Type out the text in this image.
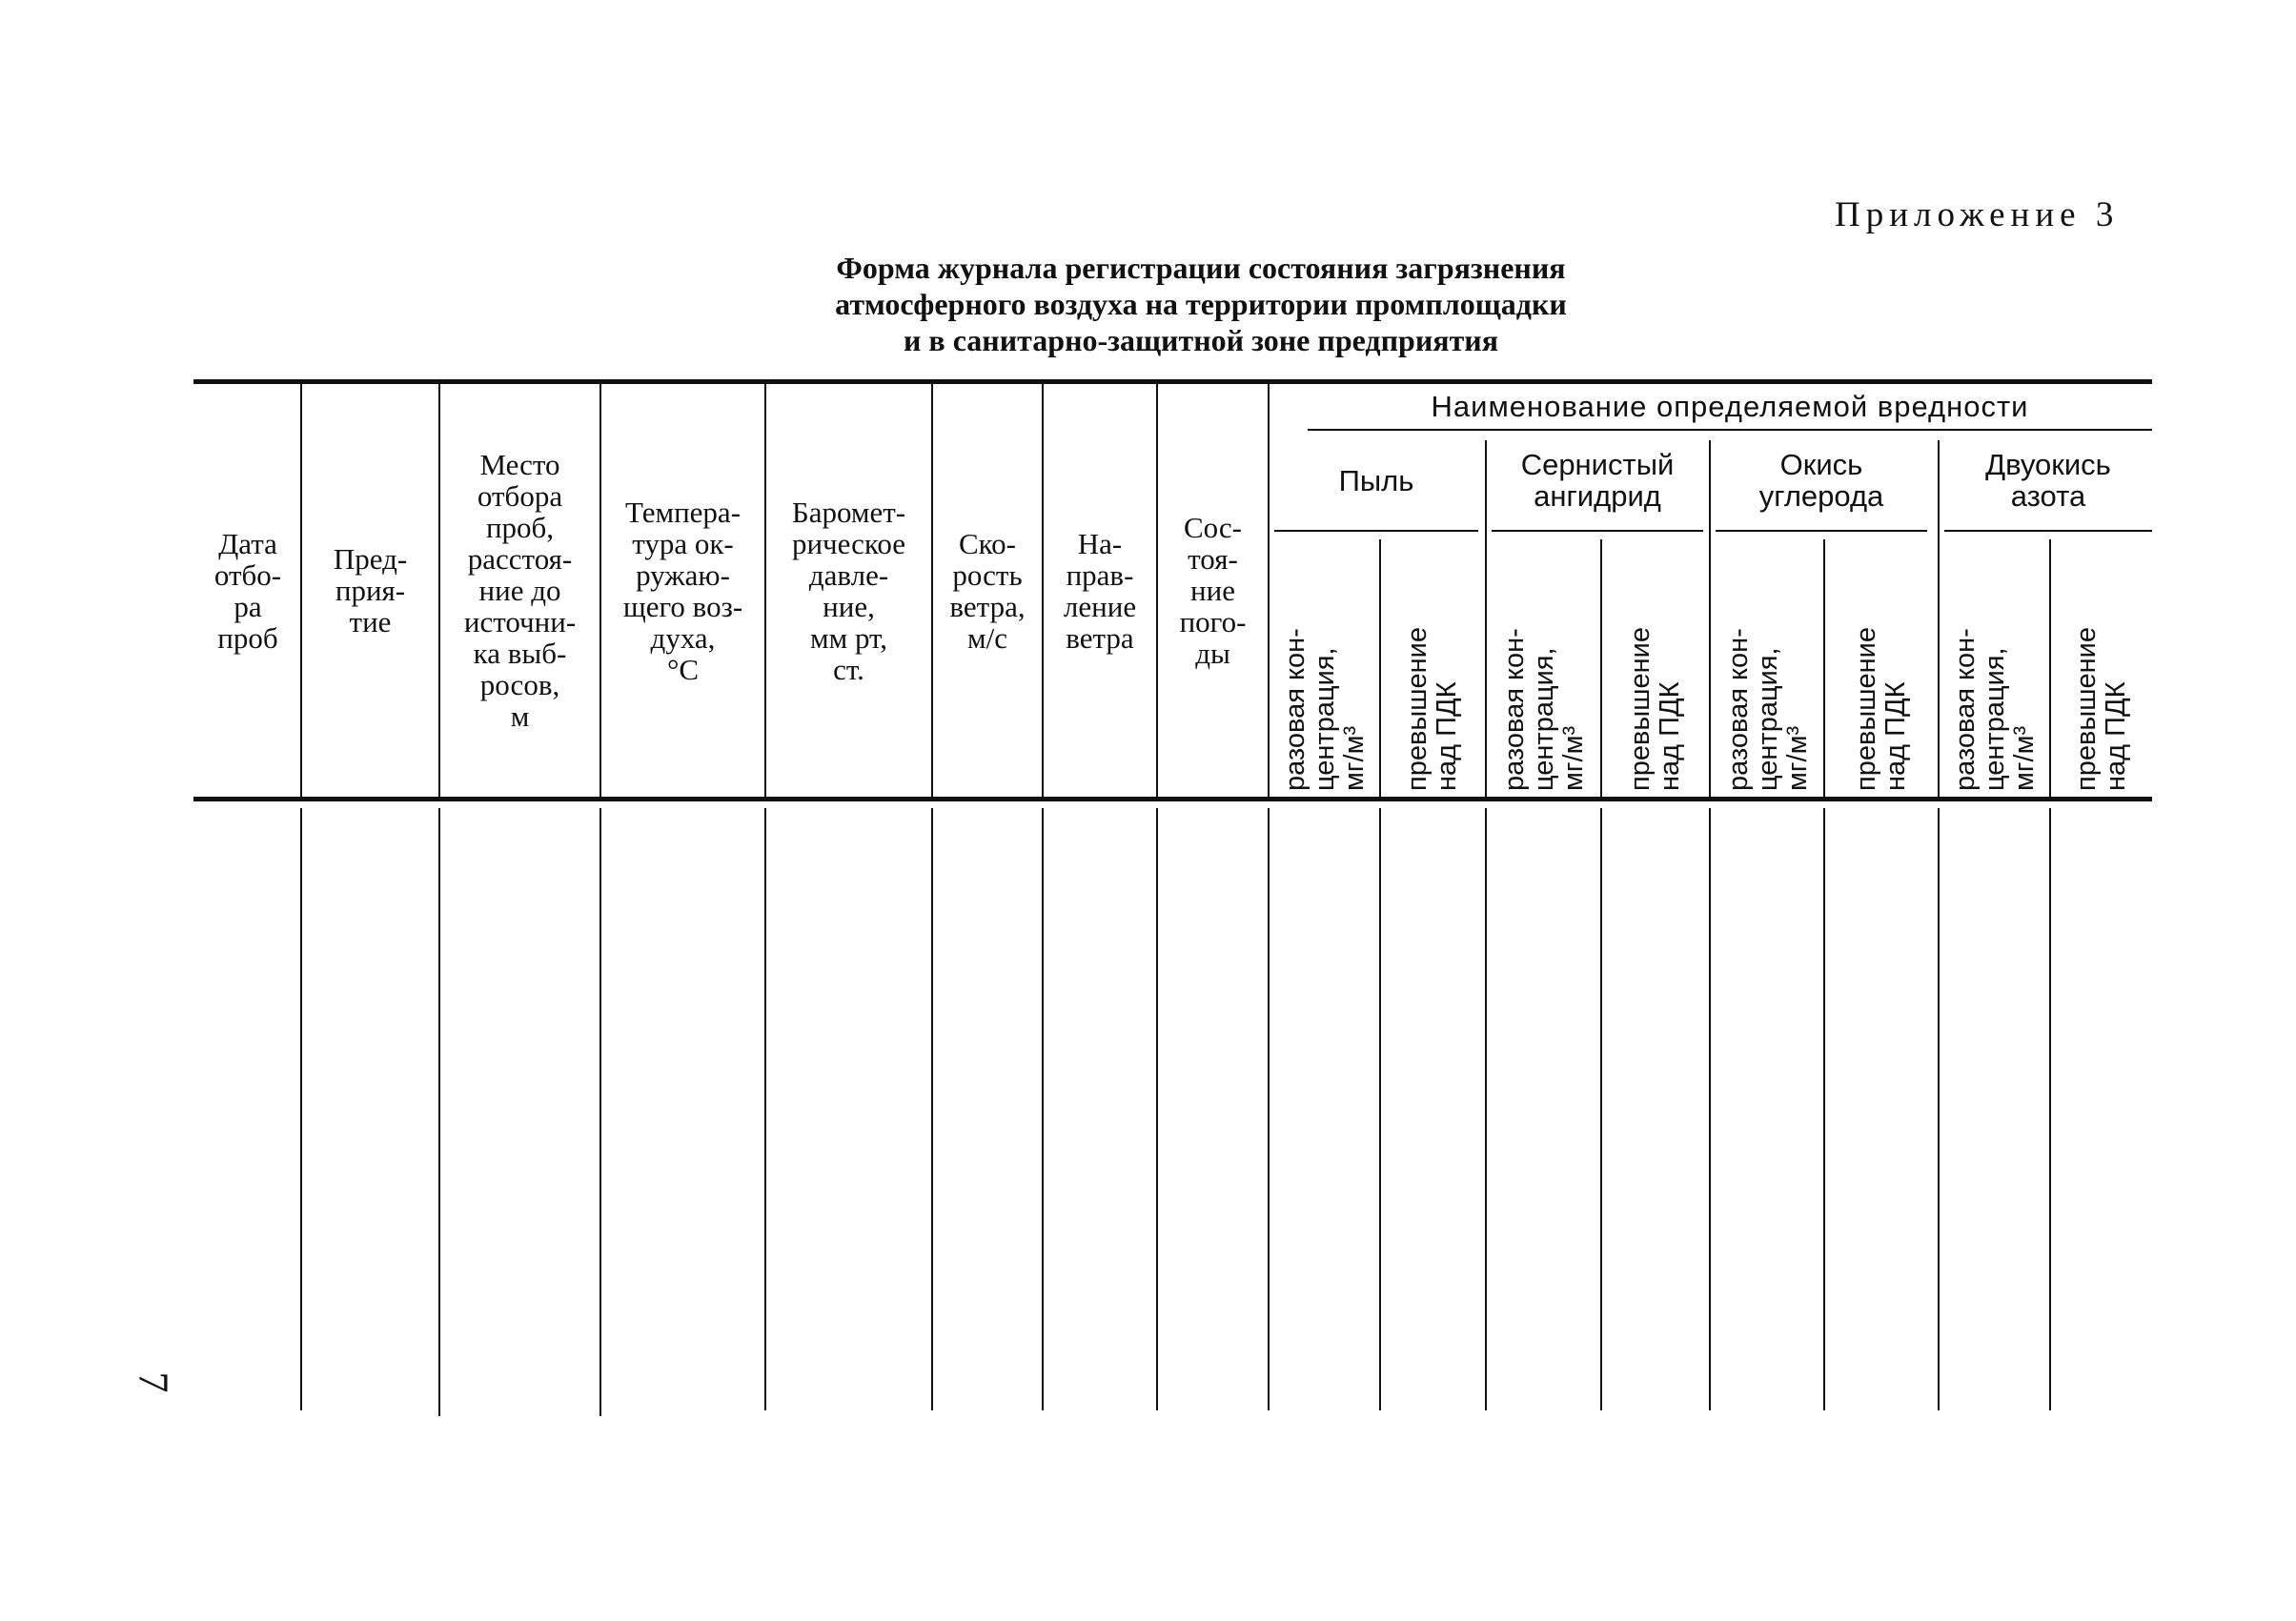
Приложение 3
Форма журнала регистрации состояния загрязнения
атмосферного воздуха на территории промплощадки
и в санитарно-защитной зоне предприятия
Дата
отбо-
ра
проб
Пред-
прия-
тие
Место
отбора
проб,
расстоя-
ние до
источни-
ка выб-
росов,
м
Темпера-
тура ок-
ружаю-
щего воз-
духа,
°С
Баромет-
рическое
давле-
ние,
мм рт,
ст.
Ско-
рость
ветра,
м/с
На-
прав-
ление
ветра
Сос-
тоя-
ние
пого-
ды
Наименование определяемой вредности
Пыль	Сернистый
ангидрид
Окись
углерода
Двуокись
азота
разовая кон-
центрация,
мг/м³ превышение
над ПДК разовая кон-
центрация,
мг/м³ превышение
над ПДК разовая кон-
центрация,
мг/м³ превышение
над ПДК разовая кон-
центрация,
мг/м³ превышение
над ПДК
7
